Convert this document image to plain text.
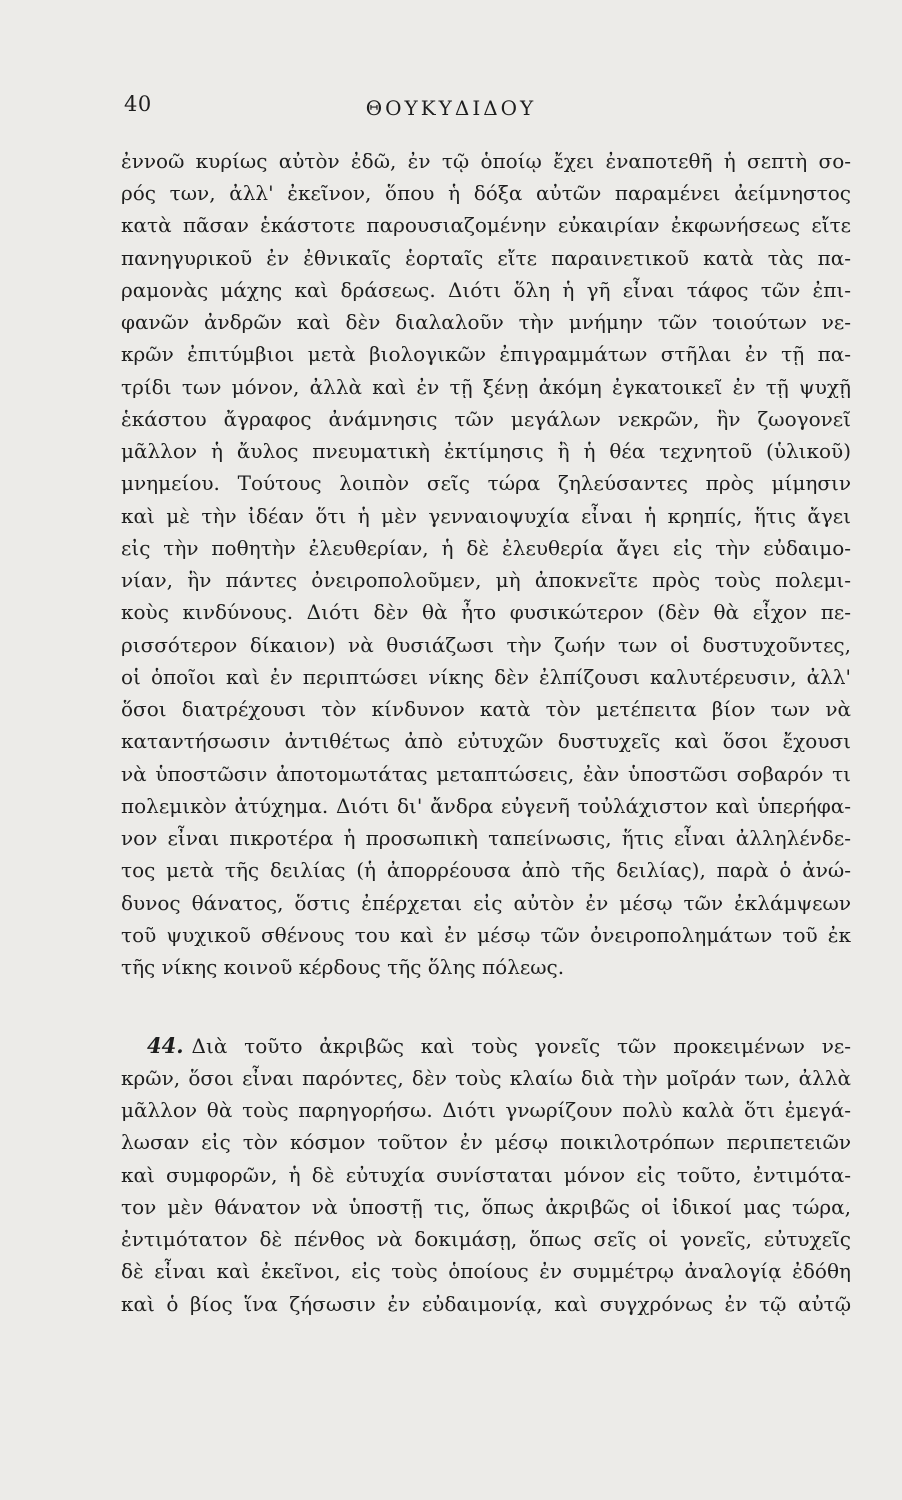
40	ΘΟΥΚΥΔΙΔΟΥ
ἐννοῶ κυρίως αὐτὸν ἐδῶ, ἐν τῷ ὁποίῳ ἔχει ἐναποτεθῆ ἡ σεπτὴ σο-
ρός των, ἀλλ' ἐκεῖνον, ὅπου ἡ δόξα αὐτῶν παραμένει ἀείμνηστος
κατὰ πᾶσαν ἑκάστοτε παρουσιαζομένην εὐκαιρίαν ἐκφωνήσεως εἴτε
πανηγυρικοῦ ἐν ἐθνικαῖς ἑορταῖς εἴτε παραινετικοῦ κατὰ τὰς πα-
ραμονὰς μάχης καὶ δράσεως. Διότι ὅλη ἡ γῆ εἶναι τάφος τῶν ἐπι-
φανῶν ἀνδρῶν καὶ δὲν διαλαλοῦν τὴν μνήμην τῶν τοιούτων νε-
κρῶν ἐπιτύμβιοι μετὰ βιολογικῶν ἐπιγραμμάτων στῆλαι ἐν τῇ πα-
τρίδι των μόνον, ἀλλὰ καὶ ἐν τῇ ξένῃ ἀκόμη ἐγκατοικεῖ ἐν τῇ ψυχῇ
ἑκάστου ἄγραφος ἀνάμνησις τῶν μεγάλων νεκρῶν, ἣν ζωογονεῖ
μᾶλλον ἡ ἄυλος πνευματικὴ ἐκτίμησις ἢ ἡ θέα τεχνητοῦ (ὑλικοῦ)
μνημείου. Τούτους λοιπὸν σεῖς τώρα ζηλεύσαντες πρὸς μίμησιν
καὶ μὲ τὴν ἰδέαν ὅτι ἡ μὲν γενναιοψυχία εἶναι ἡ κρηπίς, ἥτις ἄγει
εἰς τὴν ποθητὴν ἐλευθερίαν, ἡ δὲ ἐλευθερία ἄγει εἰς τὴν εὐδαιμο-
νίαν, ἣν πάντες ὀνειροπολοῦμεν, μὴ ἀποκνεῖτε πρὸς τοὺς πολεμι-
κοὺς κινδύνους. Διότι δὲν θὰ ἦτο φυσικώτερον (δὲν θὰ εἶχον πε-
ρισσότερον δίκαιον) νὰ θυσιάζωσι τὴν ζωήν των οἱ δυστυχοῦντες,
οἱ ὁποῖοι καὶ ἐν περιπτώσει νίκης δὲν ἐλπίζουσι καλυτέρευσιν, ἀλλ'
ὅσοι διατρέχουσι τὸν κίνδυνον κατὰ τὸν μετέπειτα βίον των νὰ
καταντήσωσιν ἀντιθέτως ἀπὸ εὐτυχῶν δυστυχεῖς καὶ ὅσοι ἔχουσι
νὰ ὑποστῶσιν ἀποτομωτάτας μεταπτώσεις, ἐὰν ὑποστῶσι σοβαρόν τι
πολεμικὸν ἀτύχημα. Διότι δι' ἄνδρα εὐγενῆ τοὐλάχιστον καὶ ὑπερήφα-
νον εἶναι πικροτέρα ἡ προσωπικὴ ταπείνωσις, ἥτις εἶναι ἀλληλένδε-
τος μετὰ τῆς δειλίας (ἡ ἀπορρέουσα ἀπὸ τῆς δειλίας), παρὰ ὁ ἀνώ-
δυνος θάνατος, ὅστις ἐπέρχεται εἰς αὐτὸν ἐν μέσῳ τῶν ἐκλάμψεων
τοῦ ψυχικοῦ σθένους του καὶ ἐν μέσῳ τῶν ὀνειροπολημάτων τοῦ ἐκ
τῆς νίκης κοινοῦ κέρδους τῆς ὅλης πόλεως.
44. Διὰ τοῦτο ἀκριβῶς καὶ τοὺς γονεῖς τῶν προκειμένων νε-
κρῶν, ὅσοι εἶναι παρόντες, δὲν τοὺς κλαίω διὰ τὴν μοῖράν των, ἀλλὰ
μᾶλλον θὰ τοὺς παρηγορήσω. Διότι γνωρίζουν πολὺ καλὰ ὅτι ἐμεγά-
λωσαν εἰς τὸν κόσμον τοῦτον ἐν μέσῳ ποικιλοτρόπων περιπετειῶν
καὶ συμφορῶν, ἡ δὲ εὐτυχία συνίσταται μόνον εἰς τοῦτο, ἐντιμότα-
τον μὲν θάνατον νὰ ὑποστῇ τις, ὅπως ἀκριβῶς οἱ ἰδικοί μας τώρα,
ἐντιμότατον δὲ πένθος νὰ δοκιμάσῃ, ὅπως σεῖς οἱ γονεῖς, εὐτυχεῖς
δὲ εἶναι καὶ ἐκεῖνοι, εἰς τοὺς ὁποίους ἐν συμμέτρῳ ἀναλογίᾳ ἐδόθη
καὶ ὁ βίος ἵνα ζήσωσιν ἐν εὐδαιμονίᾳ, καὶ συγχρόνως ἐν τῷ αὐτῷ
